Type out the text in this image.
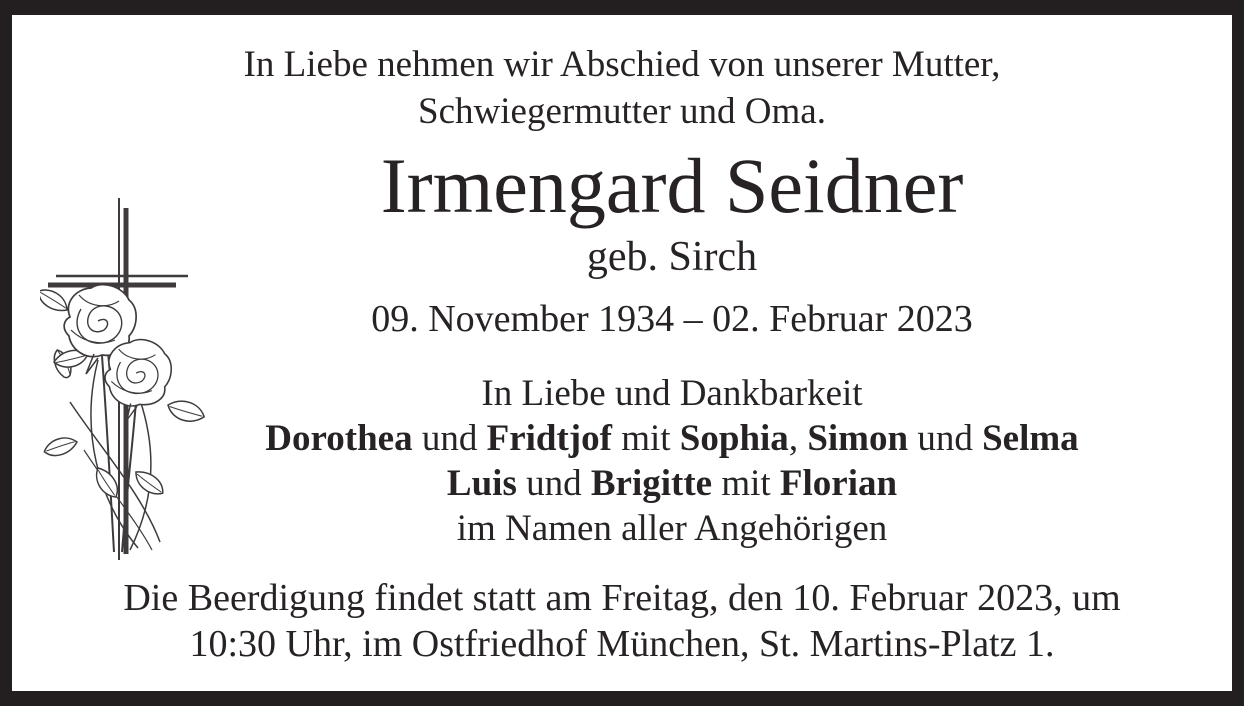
In Liebe nehmen wir Abschied von unserer Mutter,
Schwiegermutter und Oma.
Irmengard Seidner
geb. Sirch
09. November 1934 – 02. Februar 2023
In Liebe und Dankbarkeit
Dorothea und Fridtjof mit Sophia, Simon und Selma
Luis und Brigitte mit Florian
im Namen aller Angehörigen
Die Beerdigung findet statt am Freitag, den 10. Februar 2023, um
10:30 Uhr, im Ostfriedhof München, St. Martins-Platz 1.
